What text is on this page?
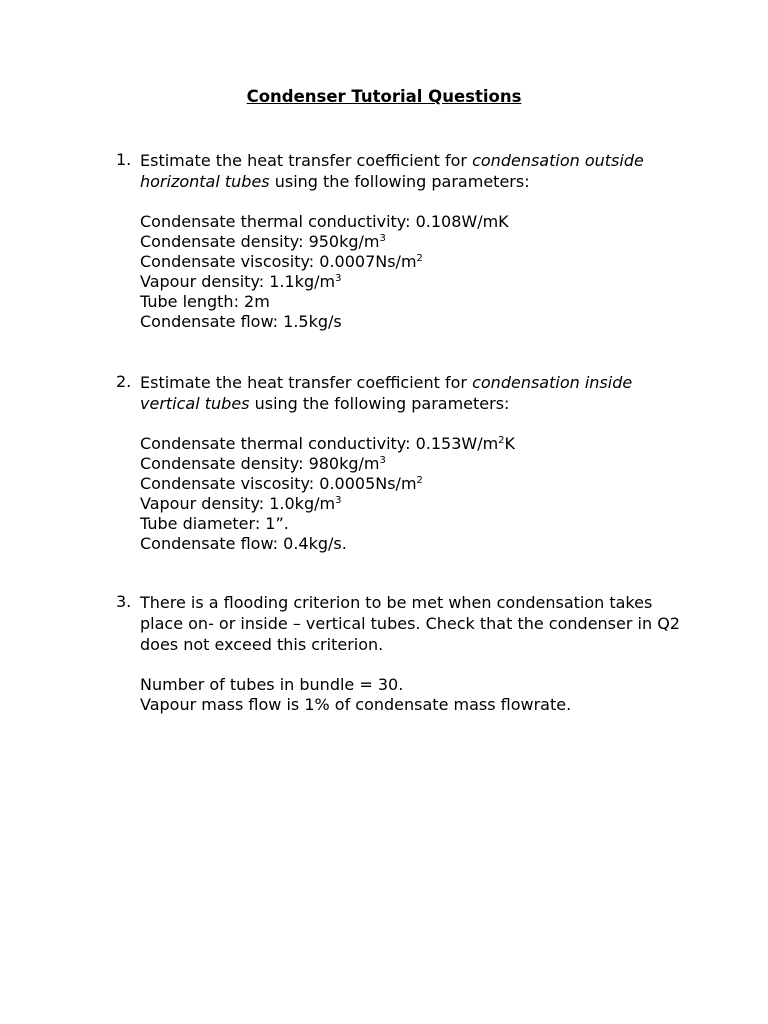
Condenser Tutorial Questions
1. Estimate the heat transfer coefficient for condensation outside horizontal tubes using the following parameters:
Condensate thermal conductivity: 0.108W/mK
Condensate density: $950kg/m^3$
Condensate viscosity: $0.0007Ns/m^2$
Vapour density: $1.1kg/m^3$
Tube length: 2m
Condensate flow: 1.5kg/s
2. Estimate the heat transfer coefficient for condensation inside vertical tubes using the following parameters:
Condensate thermal conductivity: $0.153W/m^2K$
Condensate density: $980kg/m^3$
Condensate viscosity: $0.0005Ns/m^2$
Vapour density: $1.0kg/m^3$
Tube diameter: 1”.
Condensate flow: 0.4kg/s.
3. There is a flooding criterion to be met when condensation takes place on- or inside – vertical tubes. Check that the condenser in Q2 does not exceed this criterion.
Number of tubes in bundle = 30.
Vapour mass flow is 1% of condensate mass flowrate.
